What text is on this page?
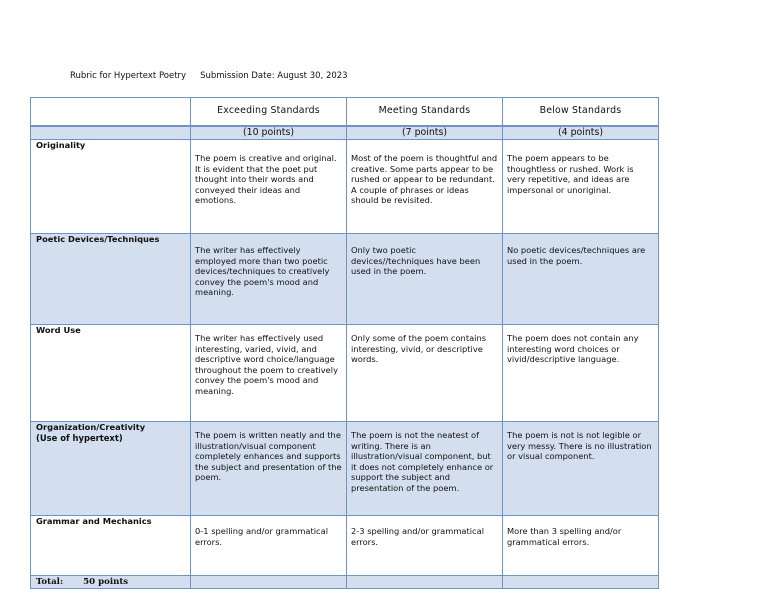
Rubric for Hypertext Poetry Submission Date: August 30, 2023
	Exceeding Standards	Meeting Standards	Below Standards
	(10 points)	(7 points)	(4 points)
Originality	The poem is creative and original. It is evident that the poet put thought into their words and conveyed their ideas and emotions.	Most of the poem is thoughtful and creative. Some parts appear to be rushed or appear to be redundant. A couple of phrases or ideas should be revisited.	The poem appears to be thoughtless or rushed. Work is very repetitive, and ideas are impersonal or unoriginal.

Poetic Devices/Techniques	The writer has effectively employed more than two poetic devices/techniques to creatively convey the poem's mood and meaning.	Only two poetic devices//techniques have been used in the poem.	No poetic devices/techniques are used in the poem.

Word Use	The writer has effectively used interesting, varied, vivid, and descriptive word choice/language throughout the poem to creatively convey the poem's mood and meaning.	Only some of the poem contains interesting, vivid, or descriptive words.	The poem does not contain any interesting word choices or vivid/descriptive language.

Organization/Creativity
(Use of hypertext)	The poem is written neatly and the illustration/visual component completely enhances and supports the subject and presentation of the poem.	The poem is not the neatest of writing. There is an illustration/visual component, but it does not completely enhance or support the subject and presentation of the poem.	The poem is not is not legible or very messy. There is no illustration or visual component.

Grammar and Mechanics	0-1 spelling and/or grammatical errors.	2-3 spelling and/or grammatical errors.	More than 3 spelling and/or grammatical errors.

Total: 50 points			
